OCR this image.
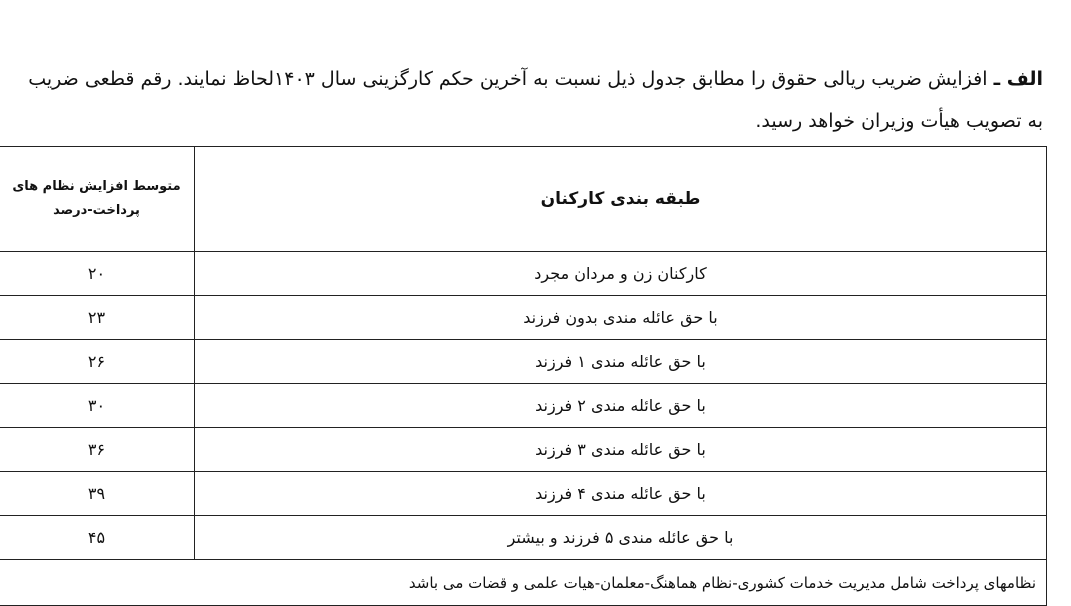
الف ـ افزایش ضریب ریالی حقوق را مطابق جدول ذیل نسبت به آخرین حکم کارگزینی سال ۱۴۰۳لحاظ نمایند. رقم قطعی ضریب به تصویب هیأت وزیران خواهد رسید.
طبقه بندی کارکنان	متوسط افزایش نظام های پرداخت-درصد
کارکنان زن و مردان مجرد	۲۰
با حق عائله مندی بدون فرزند	۲۳
با حق عائله مندی ۱ فرزند	۲۶
با حق عائله مندی ۲ فرزند	۳۰
با حق عائله مندی ۳ فرزند	۳۶
با حق عائله مندی ۴ فرزند	۳۹
با حق عائله مندی ۵ فرزند و بیشتر	۴۵
نظامهای پرداخت شامل مدیریت خدمات کشوری-نظام هماهنگ-معلمان-هیات علمی و قضات می باشد	
